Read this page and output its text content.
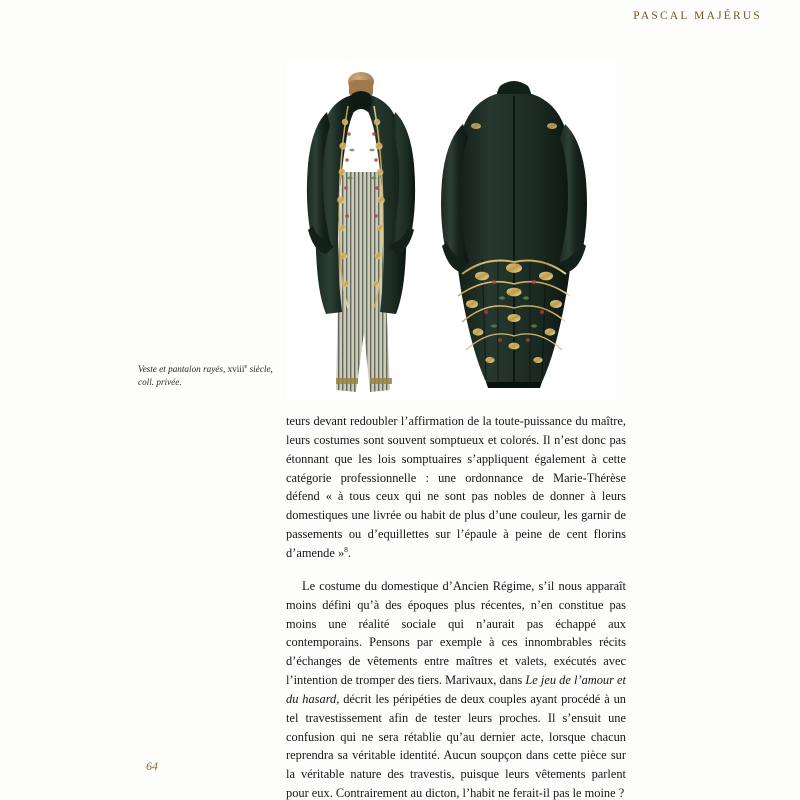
PASCAL MAJÉRUS
Veste et pantalon rayés, xviii$^e$ siècle,
coll. privée.

teurs devant redoubler l’affirmation de la toute-puissance du maître, leurs costumes sont souvent somptueux et colorés. Il n’est donc pas étonnant que les lois somptuaires s’appliquent également à cette catégorie professionnelle : une ordonnance de Marie-Thérèse défend « à tous ceux qui ne sont pas nobles de donner à leurs domestiques une livrée ou habit de plus d’une couleur, les garnir de passements ou d’equillettes sur l’épaule à peine de cent florins d’amende »$^8$.

Le costume du domestique d’Ancien Régime, s’il nous apparaît moins défini qu’à des époques plus récentes, n’en constitue pas moins une réalité sociale qui n’aurait pas échappé aux contemporains. Pensons par exemple à ces innombrables récits d’échanges de vêtements entre maîtres et valets, exécutés avec l’intention de tromper des tiers. Marivaux, dans Le jeu de l’amour et du hasard, décrit les péripéties de deux couples ayant procédé à un tel travestissement afin de tester leurs proches. Il s’ensuit une confusion qui ne sera rétablie qu’au dernier acte, lorsque chacun reprendra sa véritable identité. Aucun soupçon dans cette pièce sur la véritable nature des travestis, puisque leurs vêtements parlent pour eux. Contrairement au dicton, l’habit ne ferait-il pas le moine ?

64
